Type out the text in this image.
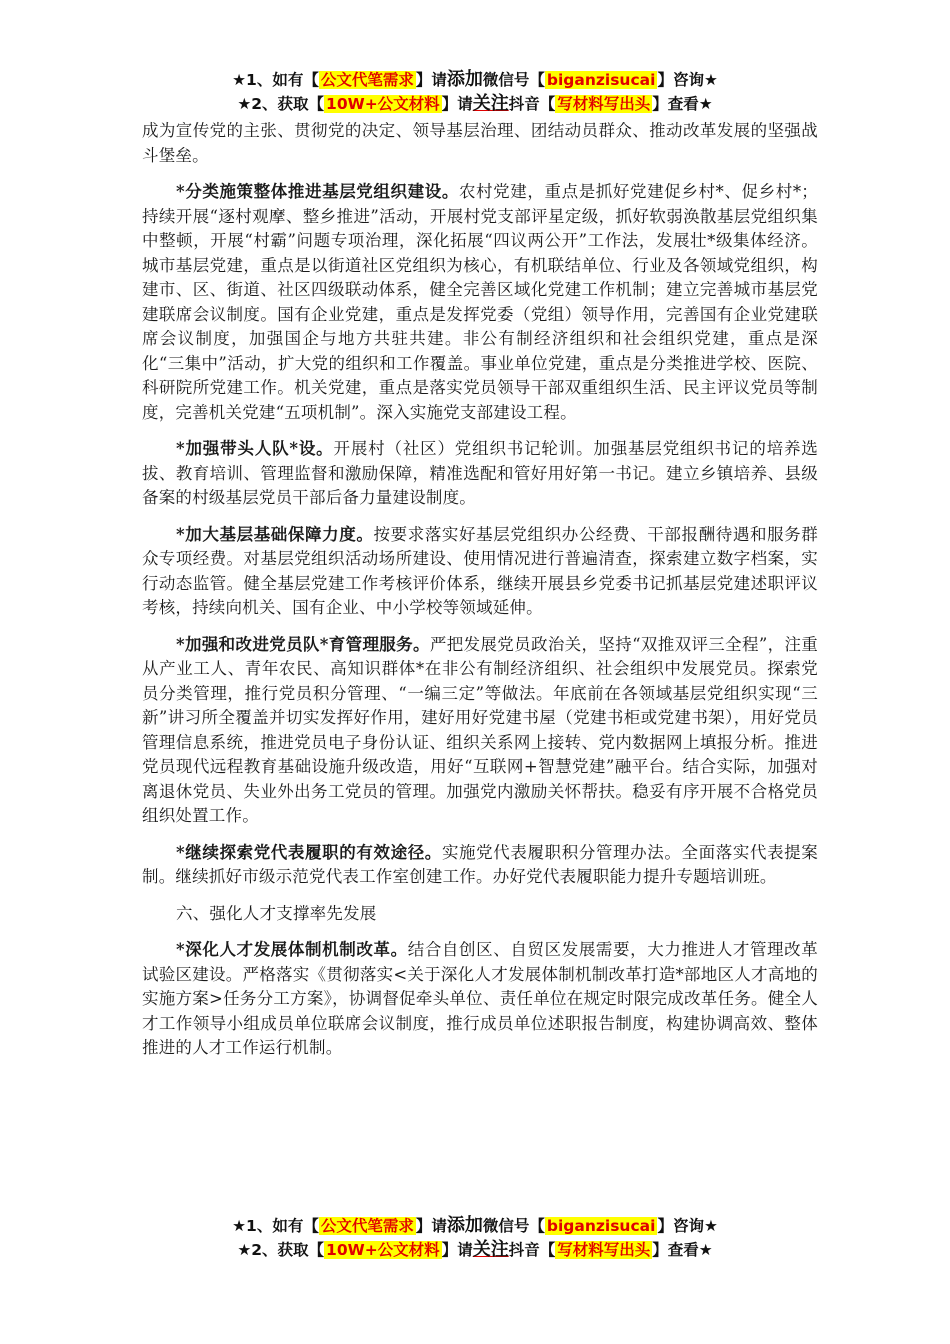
★1、如有【 公文代笔需求 】请添加微信号【 biganzisucai 】咨询★
★2、获取【 10W+公文材料 】请关注抖音【 写材料写出头 】查看★

成为宣传党的主张、贯彻党的决定、领导基层治理、团结动员群众、推动改革发展的坚强战斗堡垒。

*分类施策整体推进基层党组织建设。农村党建，重点是抓好党建促乡村*、促乡村*；持续开展“逐村观摩、整乡推进”活动，开展村党支部评星定级，抓好软弱涣散基层党组织集中整顿，开展“村霸”问题专项治理，深化拓展“四议两公开”工作法，发展壮*级集体经济。城市基层党建，重点是以街道社区党组织为核心，有机联结单位、行业及各领域党组织，构建市、区、街道、社区四级联动体系，健全完善区域化党建工作机制；建立完善城市基层党建联席会议制度。国有企业党建，重点是发挥党委（党组）领导作用，完善国有企业党建联席会议制度，加强国企与地方共驻共建。非公有制经济组织和社会组织党建，重点是深化“三集中”活动，扩大党的组织和工作覆盖。事业单位党建，重点是分类推进学校、医院、科研院所党建工作。机关党建，重点是落实党员领导干部双重组织生活、民主评议党员等制度，完善机关党建“五项机制”。深入实施党支部建设工程。

*加强带头人队*设。开展村（社区）党组织书记轮训。加强基层党组织书记的培养选拔、教育培训、管理监督和激励保障，精准选配和管好用好第一书记。建立乡镇培养、县级备案的村级基层党员干部后备力量建设制度。

*加大基层基础保障力度。按要求落实好基层党组织办公经费、干部报酬待遇和服务群众专项经费。对基层党组织活动场所建设、使用情况进行普遍清查，探索建立数字档案，实行动态监管。健全基层党建工作考核评价体系，继续开展县乡党委书记抓基层党建述职评议考核，持续向机关、国有企业、中小学校等领域延伸。

*加强和改进党员队*育管理服务。严把发展党员政治关，坚持“双推双评三全程”，注重从产业工人、青年农民、高知识群体*在非公有制经济组织、社会组织中发展党员。探索党员分类管理，推行党员积分管理、“一编三定”等做法。年底前在各领域基层党组织实现“三新”讲习所全覆盖并切实发挥好作用，建好用好党建书屋（党建书柜或党建书架），用好党员管理信息系统，推进党员电子身份认证、组织关系网上接转、党内数据网上填报分析。推进党员现代远程教育基础设施升级改造，用好“互联网+智慧党建”融平台。结合实际，加强对离退休党员、失业外出务工党员的管理。加强党内激励关怀帮扶。稳妥有序开展不合格党员组织处置工作。

*继续探索党代表履职的有效途径。实施党代表履职积分管理办法。全面落实代表提案制。继续抓好市级示范党代表工作室创建工作。办好党代表履职能力提升专题培训班。

六、强化人才支撑率先发展

*深化人才发展体制机制改革。结合自创区、自贸区发展需要，大力推进人才管理改革试验区建设。严格落实《贯彻落实<关于深化人才发展体制机制改革打造*部地区人才高地的实施方案>任务分工方案》，协调督促牵头单位、责任单位在规定时限完成改革任务。健全人才工作领导小组成员单位联席会议制度，推行成员单位述职报告制度，构建协调高效、整体推进的人才工作运行机制。

★1、如有【 公文代笔需求 】请添加微信号【 biganzisucai 】咨询★
★2、获取【 10W+公文材料 】请关注抖音【 写材料写出头 】查看★
